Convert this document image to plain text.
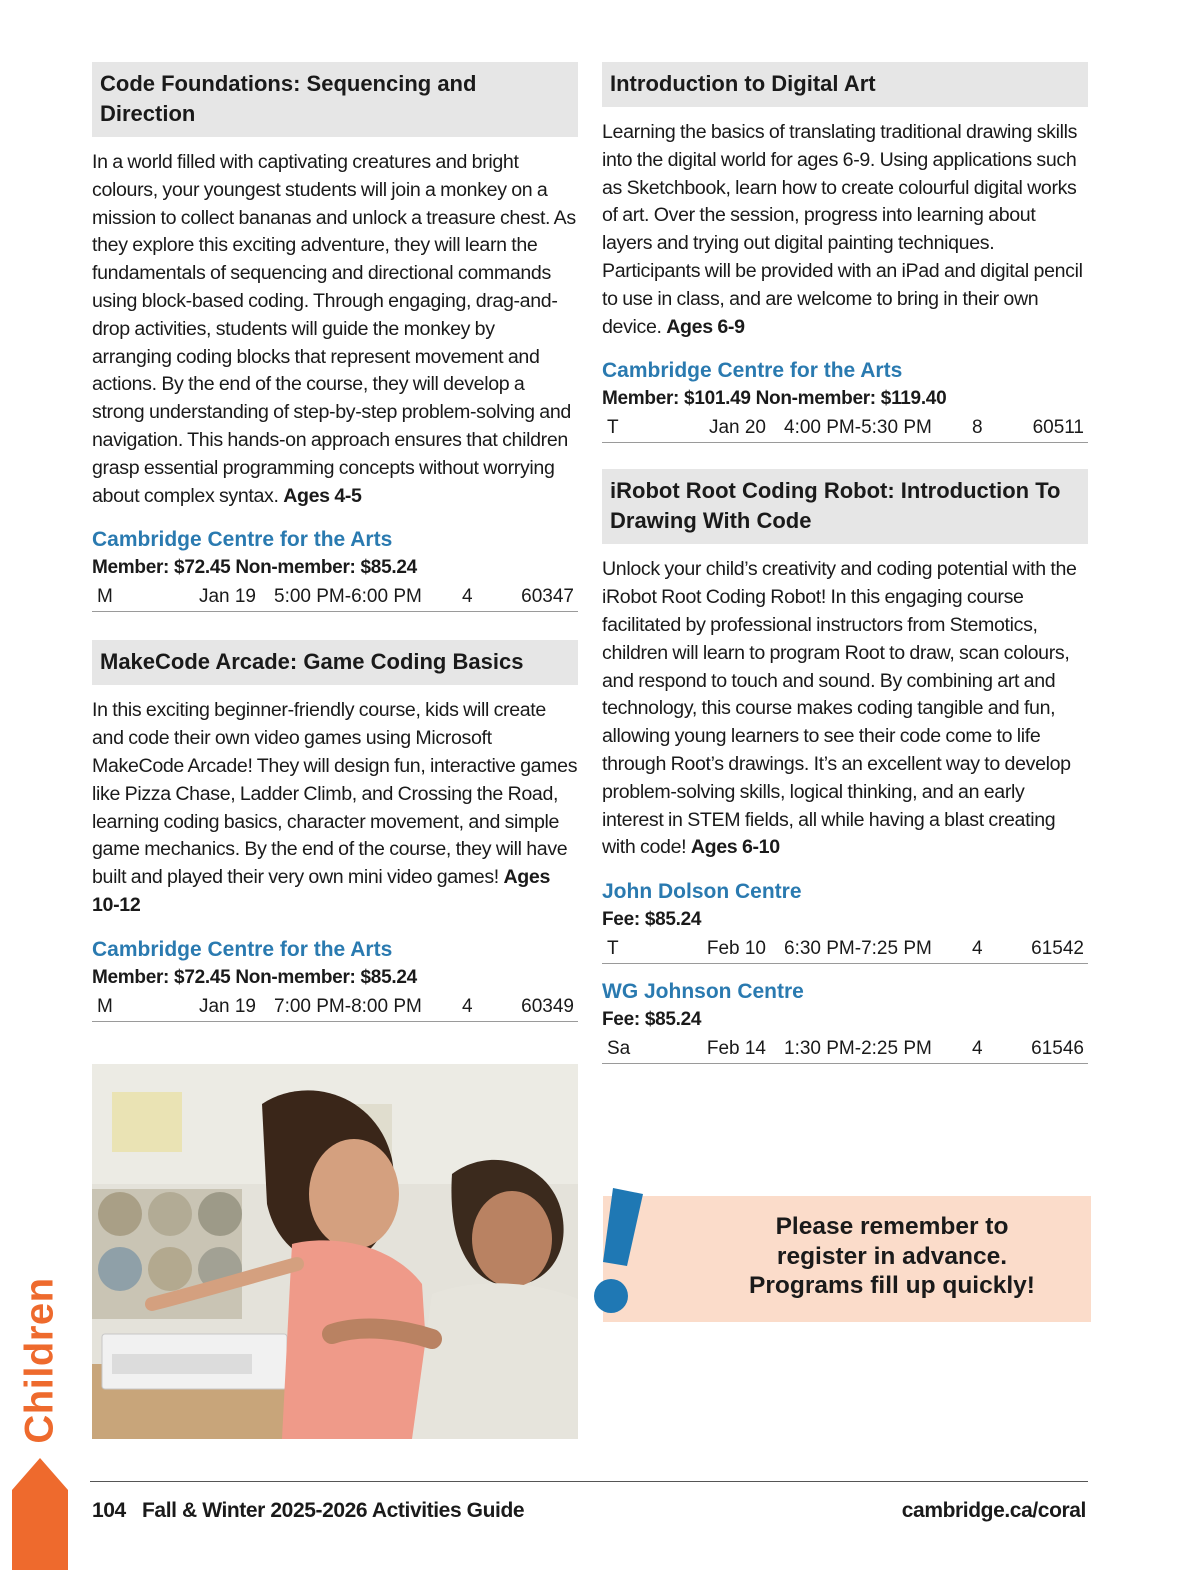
Code Foundations: Sequencing and Direction

In a world filled with captivating creatures and bright colours, your youngest students will join a monkey on a mission to collect bananas and unlock a treasure chest. As they explore this exciting adventure, they will learn the fundamentals of sequencing and directional commands using block-based coding. Through engaging, drag-and-drop activities, students will guide the monkey by arranging coding blocks that represent movement and actions. By the end of the course, they will develop a strong understanding of step-by-step problem-solving and navigation. This hands-on approach ensures that children grasp essential programming concepts without worrying about complex syntax. Ages 4-5

Cambridge Centre for the Arts
Member: $72.45 Non-member: $85.24
M	Jan 19 5:00 PM-6:00 PM 4	60347
MakeCode Arcade: Game Coding Basics

In this exciting beginner-friendly course, kids will create and code their own video games using Microsoft MakeCode Arcade! They will design fun, interactive games like Pizza Chase, Ladder Climb, and Crossing the Road, learning coding basics, character movement, and simple game mechanics. By the end of the course, they will have built and played their very own mini video games! Ages 10-12

Cambridge Centre for the Arts
Member: $72.45 Non-member: $85.24
M	Jan 19 7:00 PM-8:00 PM 4	60349
Introduction to Digital Art

Learning the basics of translating traditional drawing skills into the digital world for ages 6-9. Using applications such as Sketchbook, learn how to create colourful digital works of art. Over the session, progress into learning about layers and trying out digital painting techniques. Participants will be provided with an iPad and digital pencil to use in class, and are welcome to bring in their own device. Ages 6-9

Cambridge Centre for the Arts
Member: $101.49 Non-member: $119.40
T	Jan 20 4:00 PM-5:30 PM 8	60511
iRobot Root Coding Robot: Introduction To Drawing With Code

Unlock your child’s creativity and coding potential with the iRobot Root Coding Robot! In this engaging course facilitated by professional instructors from Stemotics, children will learn to program Root to draw, scan colours, and respond to touch and sound. By combining art and technology, this course makes coding tangible and fun, allowing young learners to see their code come to life through Root’s drawings. It’s an excellent way to develop problem-solving skills, logical thinking, and an early interest in STEM fields, all while having a blast creating with code! Ages 6-10

John Dolson Centre
Fee: $85.24
T	Feb 10 6:30 PM-7:25 PM 4	61542
WG Johnson Centre
Fee: $85.24
Sa	Feb 14 1:30 PM-2:25 PM 4	61546
Please remember to
register in advance.
Programs fill up quickly!
Children
104 Fall & Winter 2025-2026 Activities Guide	cambridge.ca/coral
